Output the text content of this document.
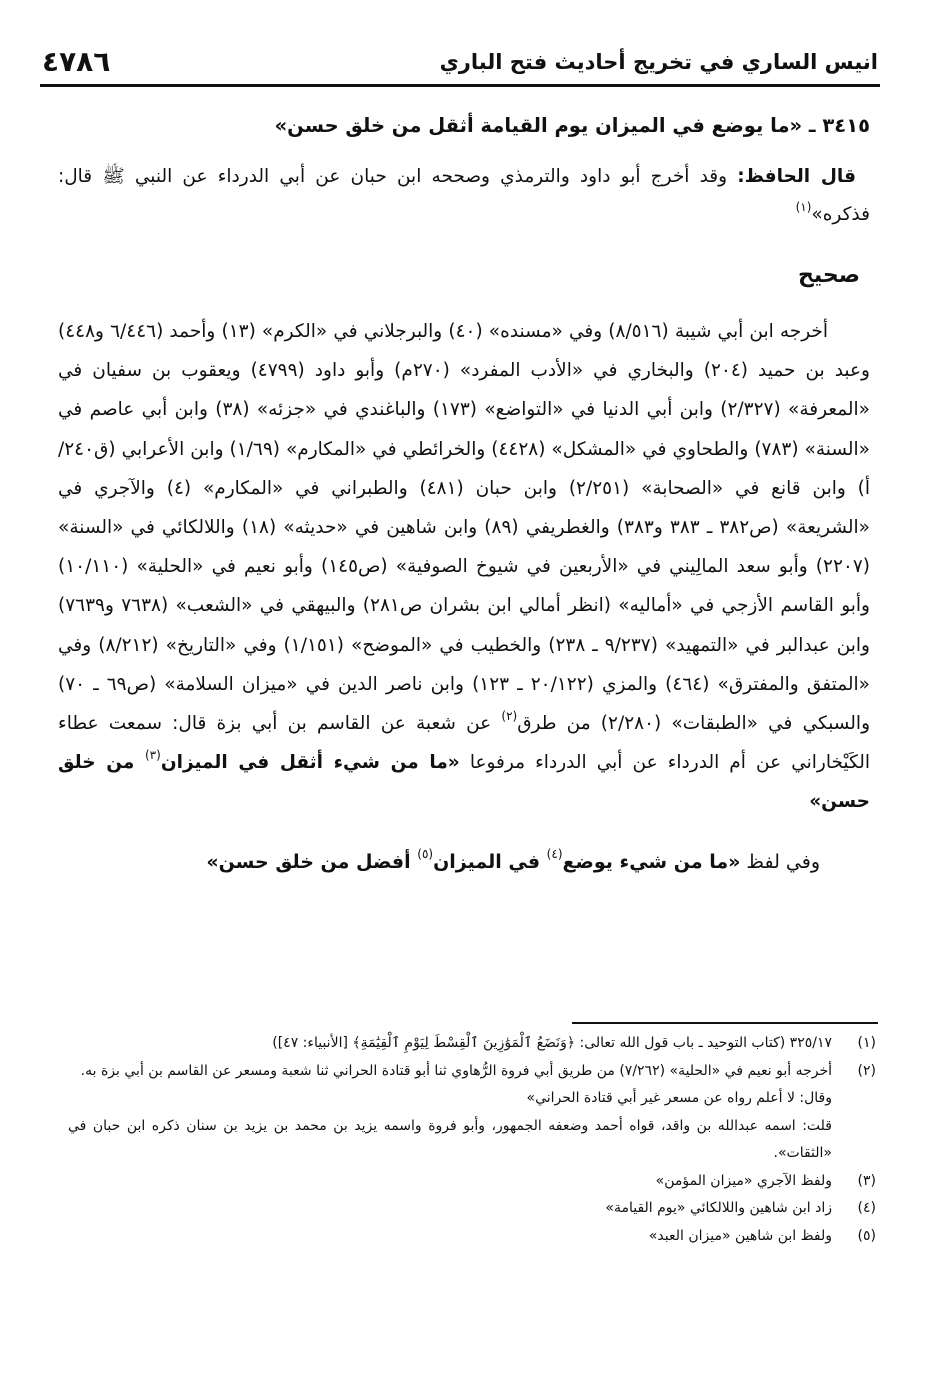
٤٧٨٦	انيس الساري في تخريج أحاديث فتح الباري

٣٤١٥ ـ «ما يوضع في الميزان يوم القيامة أثقل من خلق حسن»

قال الحافظ: وقد أخرج أبو داود والترمذي وصححه ابن حبان عن أبي الدرداء عن النبي ﷺ قال: فذكره»$^{(١)}$

صحيح

أخرجه ابن أبي شيبة (٨/٥١٦) وفي «مسنده» (٤٠) والبرجلاني في «الكرم» (١٣) وأحمد (٦/٤٤٦ و٤٤٨) وعبد بن حميد (٢٠٤) والبخاري في «الأدب المفرد» (٢٧٠م) وأبو داود (٤٧٩٩) ويعقوب بن سفيان في «المعرفة» (٢/٣٢٧) وابن أبي الدنيا في «التواضع» (١٧٣) والباغندي في «جزئه» (٣٨) وابن أبي عاصم في «السنة» (٧٨٣) والطحاوي في «المشكل» (٤٤٢٨) والخرائطي في «المكارم» (١/٦٩) وابن الأعرابي (ق٢٤٠/أ) وابن قانع في «الصحابة» (٢/٢٥١) وابن حبان (٤٨١) والطبراني في «المكارم» (٤) والآجري في «الشريعة» (ص٣٨٢ ـ ٣٨٣ و٣٨٣) والغطريفي (٨٩) وابن شاهين في «حديثه» (١٨) واللالكائي في «السنة» (٢٢٠٧) وأبو سعد المالِيني في «الأربعين في شيوخ الصوفية» (ص١٤٥) وأبو نعيم في «الحلية» (١٠/١١٠) وأبو القاسم الأزجي في «أماليه» (انظر أمالي ابن بشران ص٢٨١) والبيهقي في «الشعب» (٧٦٣٨ و٧٦٣٩) وابن عبدالبر في «التمهيد» (٩/٢٣٧ ـ ٢٣٨) والخطيب في «الموضح» (١/١٥١) وفي «التاريخ» (٨/٢١٢) وفي «المتفق والمفترق» (٤٦٤) والمزي (٢٠/١٢٢ ـ ١٢٣) وابن ناصر الدين في «ميزان السلامة» (ص٦٩ ـ ٧٠) والسبكي في «الطبقات» (٢/٢٨٠) من طرق$^{(٢)}$ عن شعبة عن القاسم بن أبي بزة قال: سمعت عطاء الكَيْخاراني عن أم الدرداء عن أبي الدرداء مرفوعا «ما من شيء أثقل في الميزان$^{(٣)}$ من خلق حسن»

وفي لفظ «ما من شيء يوضع$^{(٤)}$ في الميزان$^{(٥)}$ أفضل من خلق حسن»

(١)
٣٢٥/١٧ (كتاب التوحيد ـ باب قول الله تعالى: ﴿وَنَضَعُ ٱلْمَوَٰزِينَ ٱلْقِسْطَ لِيَوْمِ ٱلْقِيَٰمَةِ﴾ [الأنبياء: ٤٧])
(٢)
أخرجه أبو نعيم في «الحلية» (٧/٢٦٢) من طريق أبي فروة الرُّهاوي ثنا أبو قتادة الحراني ثنا شعبة ومسعر عن القاسم بن أبي بزة به.
وقال: لا أعلم رواه عن مسعر غير أبي قتادة الحراني»
قلت: اسمه عبدالله بن واقد، قواه أحمد وضعفه الجمهور، وأبو فروة واسمه يزيد بن محمد بن يزيد بن سنان ذكره ابن حبان في «الثقات».
(٣)
ولفظ الآجري «ميزان المؤمن»
(٤)
زاد ابن شاهين واللالكائي «يوم القيامة»
(٥)
ولفظ ابن شاهين «ميزان العبد»
